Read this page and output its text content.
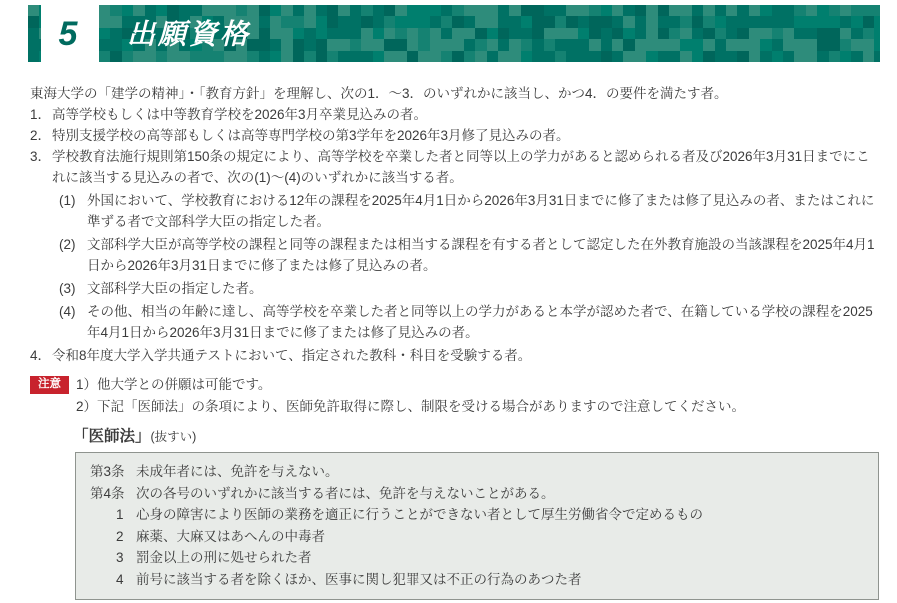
5 出願資格

東海大学の「建学の精神」・「教育方針」を理解し、次の1．～3．のいずれかに該当し、かつ4．の要件を満たす者。

1． 高等学校もしくは中等教育学校を2026年3月卒業見込みの者。
2． 特別支援学校の高等部もしくは高等専門学校の第3学年を2026年3月修了見込みの者。
3． 学校教育法施行規則第150条の規定により、高等学校を卒業した者と同等以上の学力があると認められる者及び2026年3月31日までにこれに該当する見込みの者で、次の(1)～(4)のいずれかに該当する者。
(1) 外国において、学校教育における12年の課程を2025年4月1日から2026年3月31日までに修了または修了見込みの者、またはこれに準ずる者で文部科学大臣の指定した者。
(2) 文部科学大臣が高等学校の課程と同等の課程または相当する課程を有する者として認定した在外教育施設の当該課程を2025年4月1日から2026年3月31日までに修了または修了見込みの者。
(3) 文部科学大臣の指定した者。
(4) その他、相当の年齢に達し、高等学校を卒業した者と同等以上の学力があると本学が認めた者で、在籍している学校の課程を2025年4月1日から2026年3月31日までに修了または修了見込みの者。
4． 令和8年度大学入学共通テストにおいて、指定された教科・科目を受験する者。
注意	1）他大学との併願は可能です。
2）下記「医師法」の条項により、医師免許取得に際し、制限を受ける場合がありますので注意してください。
「医師法」(抜すい)
第3条 未成年者には、免許を与えない。
第4条 次の各号のいずれかに該当する者には、免許を与えないことがある。
1 心身の障害により医師の業務を適正に行うことができない者として厚生労働省令で定めるもの
2 麻薬、大麻又はあへんの中毒者
3 罰金以上の刑に処せられた者
4 前号に該当する者を除くほか、医事に関し犯罪又は不正の行為のあつた者
